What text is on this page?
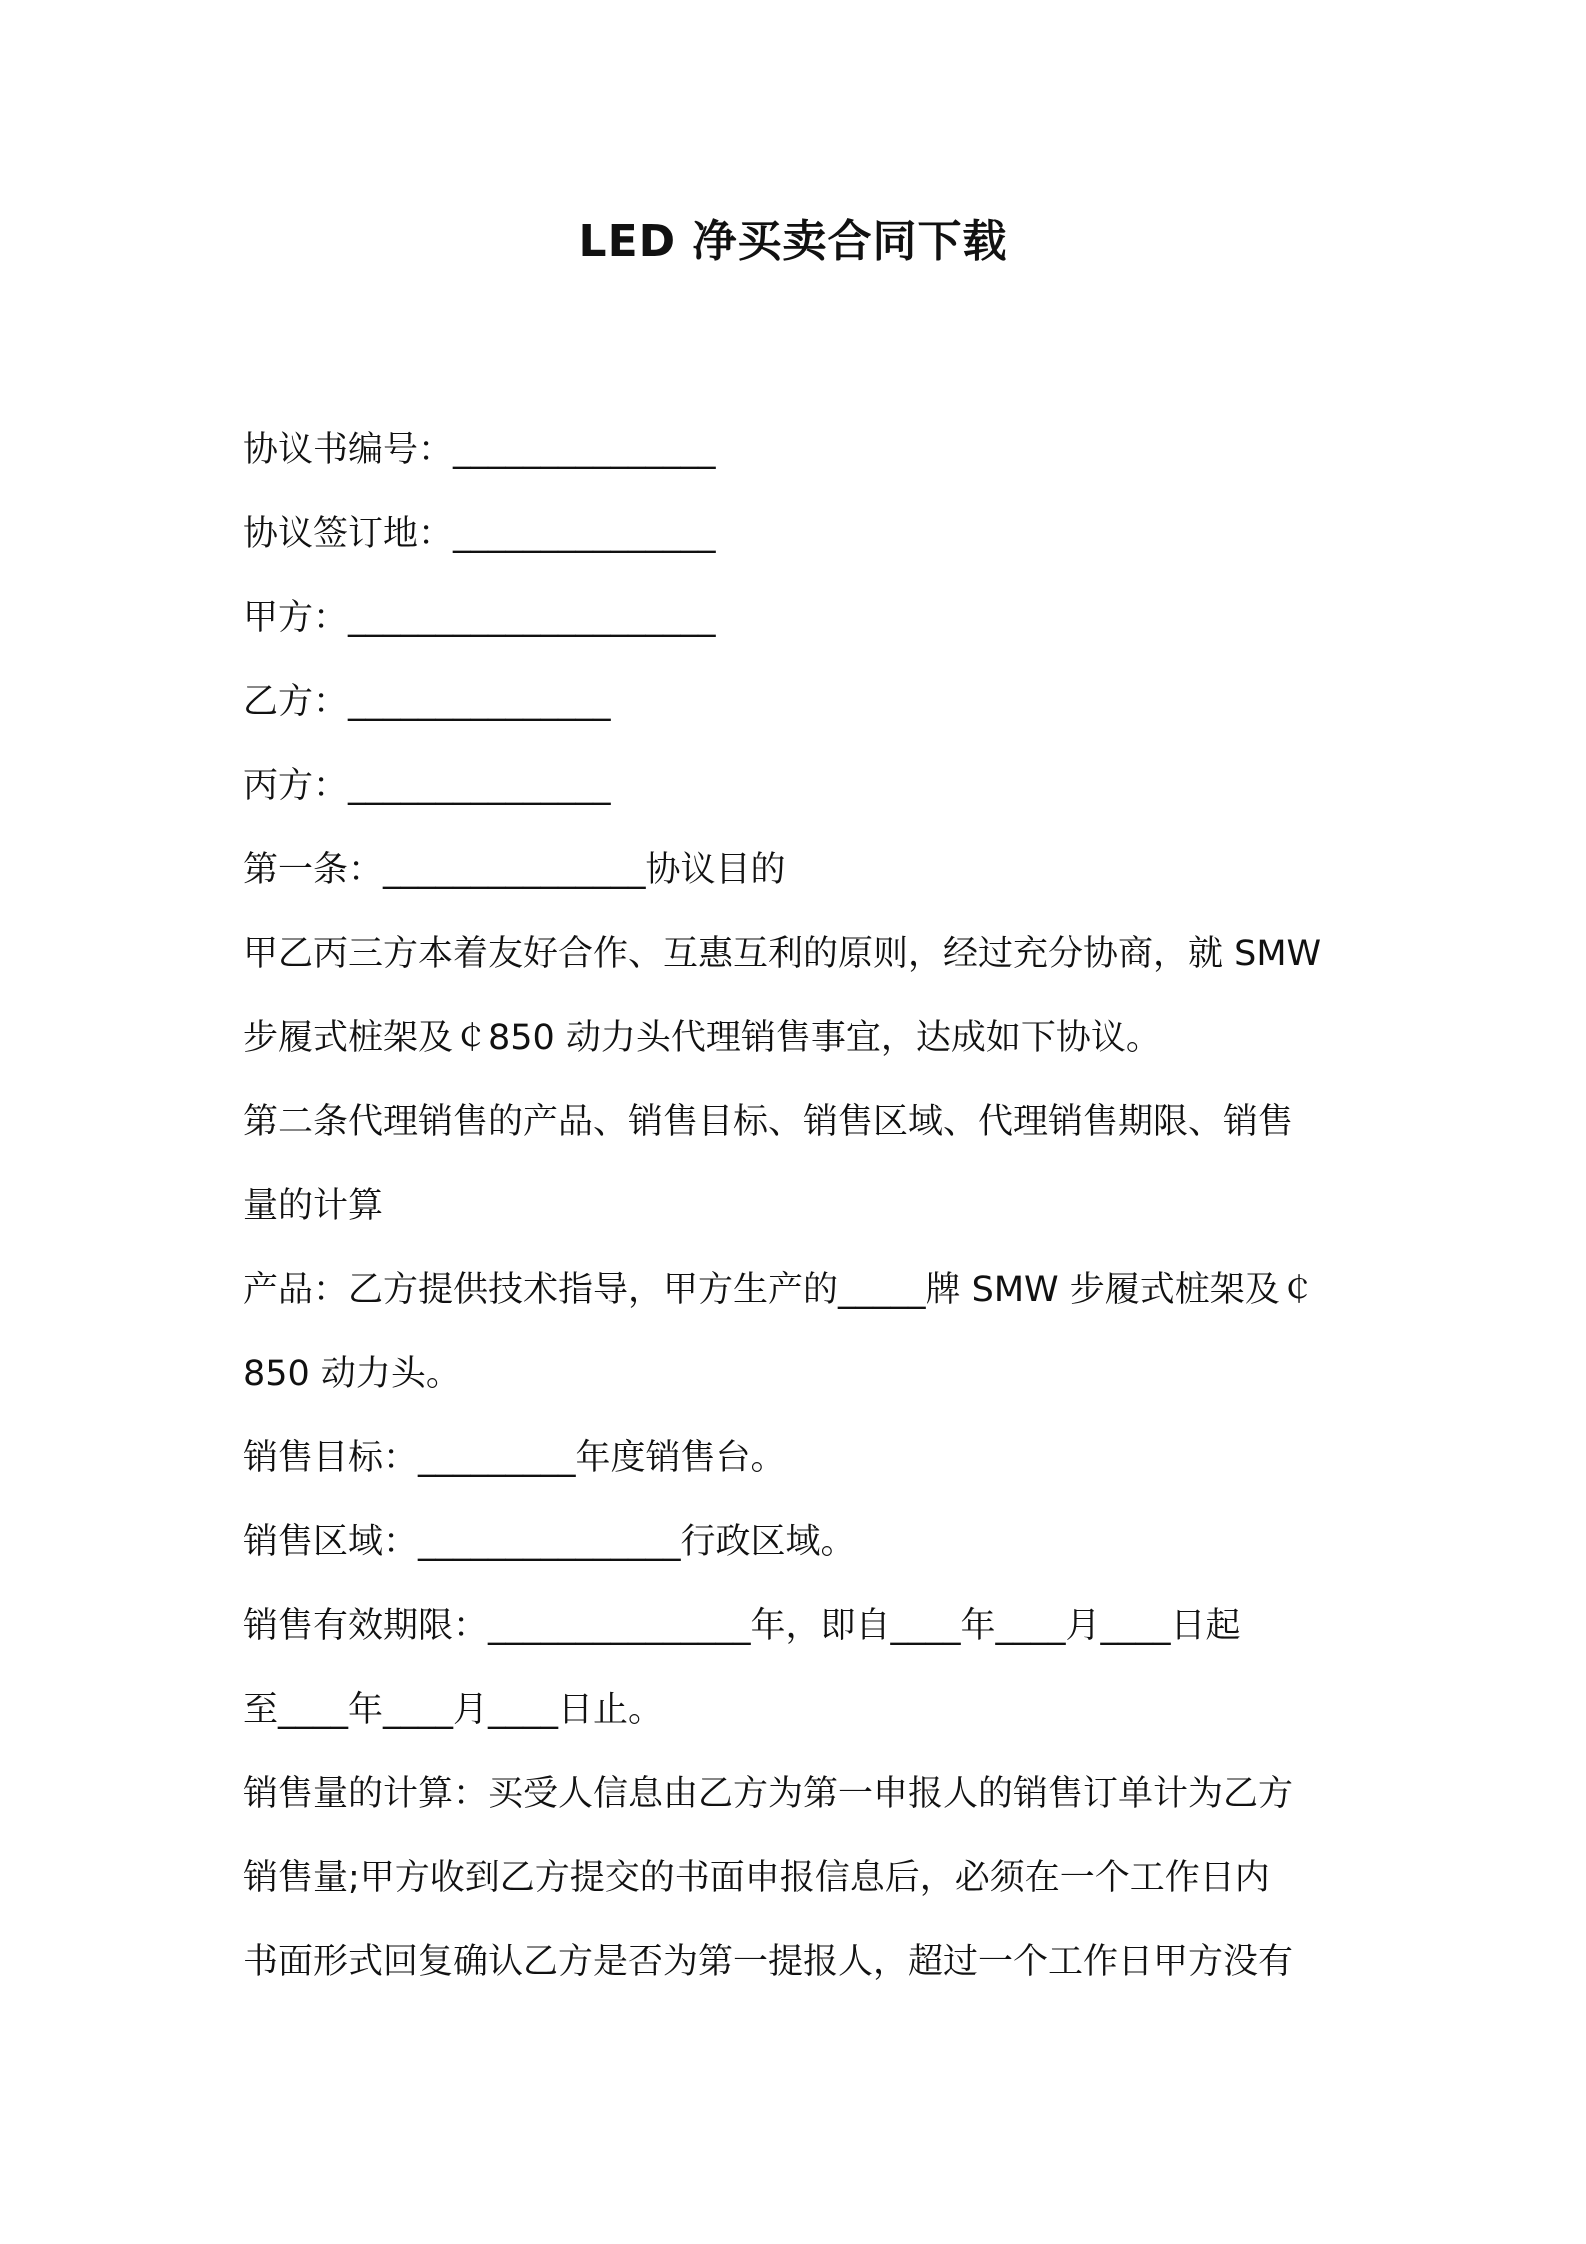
LED 净买卖合同下载
协议书编号：_______________
协议签订地：_______________
甲方：_____________________
乙方：_______________
丙方：_______________
第一条：_______________协议目的
甲乙丙三方本着友好合作、互惠互利的原则，经过充分协商，就 SMW
步履式桩架及￠850 动力头代理销售事宜，达成如下协议。
第二条代理销售的产品、销售目标、销售区域、代理销售期限、销售
量的计算
产品：乙方提供技术指导，甲方生产的_____牌 SMW 步履式桩架及￠
850 动力头。
销售目标：_________年度销售台。
销售区域：_______________行政区域。
销售有效期限：_______________年，即自____年____月____日起
至____年____月____日止。
销售量的计算：买受人信息由乙方为第一申报人的销售订单计为乙方
销售量;甲方收到乙方提交的书面申报信息后，必须在一个工作日内
书面形式回复确认乙方是否为第一提报人，超过一个工作日甲方没有
